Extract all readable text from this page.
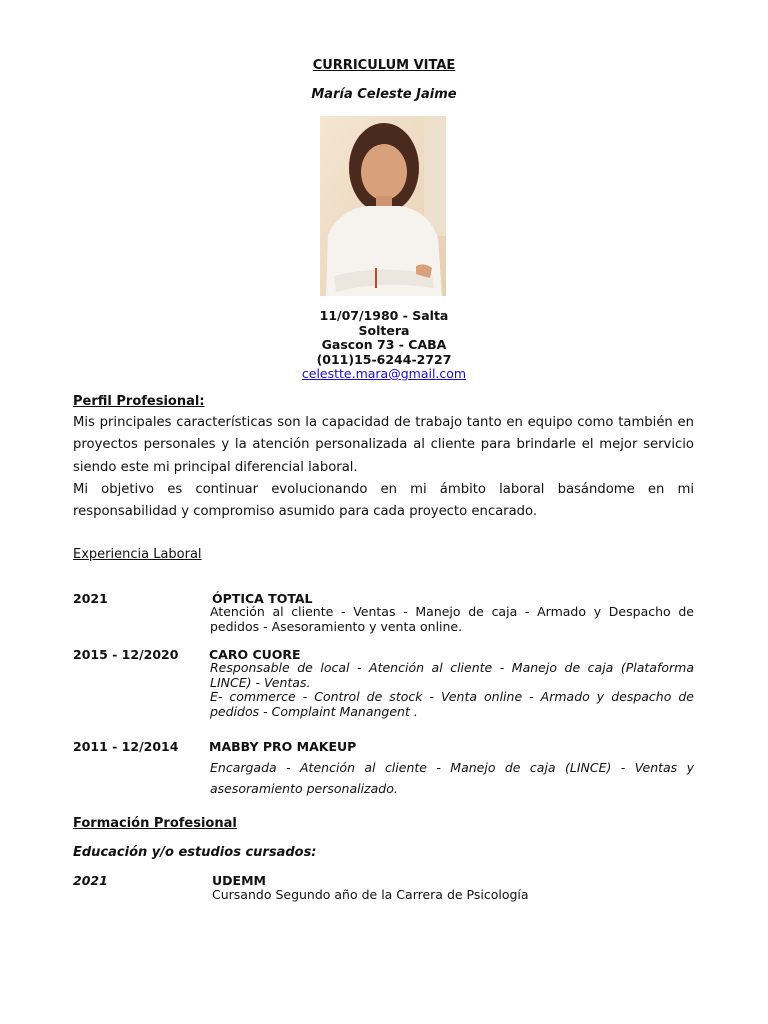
CURRICULUM VITAE
María Celeste Jaime
11/07/1980 - Salta
Soltera
Gascon 73 - CABA
(011)15-6244-2727
celestte.mara@gmail.com
Perfil Profesional:
Mis principales características son la capacidad de trabajo tanto en equipo como también en proyectos personales y la atención personalizada al cliente para brindarle el mejor servicio siendo este mi principal diferencial laboral.
Mi objetivo es continuar evolucionando en mi ámbito laboral basándome en mi responsabilidad y compromiso asumido para cada proyecto encarado.
Experiencia Laboral
2021	ÓPTICA TOTAL
Atención al cliente - Ventas - Manejo de caja - Armado y Despacho de pedidos - Asesoramiento y venta online.
2015 - 12/2020 CARO CUORE
Responsable de local - Atención al cliente - Manejo de caja (Plataforma LINCE) - Ventas.
E- commerce - Control de stock - Venta online - Armado y despacho de pedidos - Complaint Manangent .
2011 - 12/2014 MABBY PRO MAKEUP
Encargada - Atención al cliente - Manejo de caja (LINCE) - Ventas y asesoramiento personalizado.
Formación Profesional
Educación y/o estudios cursados:
2021	UDEMM
Cursando Segundo año de la Carrera de Psicología
